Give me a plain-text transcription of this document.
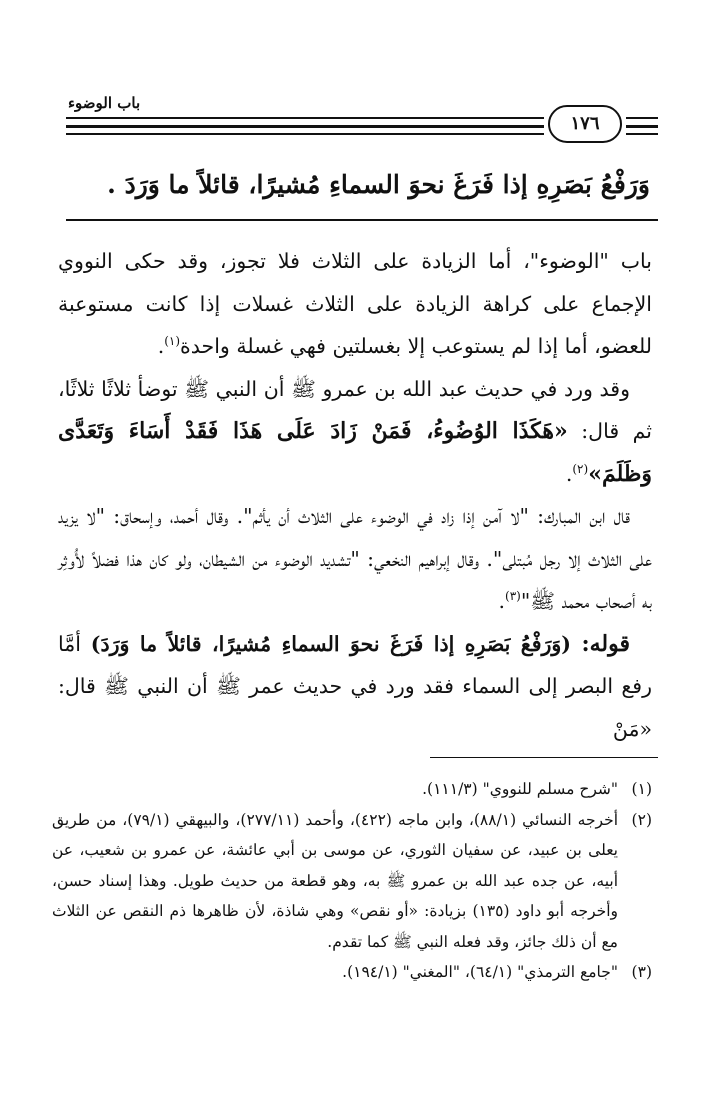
باب الوضوء
١٧٦
وَرَفْعُ بَصَرِهِ إذا فَرَغَ نحوَ السماءِ مُشيرًا، قائلاً ما وَرَدَ .

باب "الوضوء"، أما الزيادة على الثلاث فلا تجوز، وقد حكى النووي الإجماع على كراهة الزيادة على الثلاث غسلات إذا كانت مستوعبة للعضو، أما إذا لم يستوعب إلا بغسلتين فهي غسلة واحدة$^{(١)}$.

وقد ورد في حديث عبد الله بن عمرو ﷺ أن النبي ﷺ توضأ ثلاثًا ثلاثًا، ثم قال: «هَكَذَا الوُضُوءُ، فَمَنْ زَادَ عَلَى هَذَا فَقَدْ أَسَاءَ وَتَعَدَّى وَظَلَمَ»$^{(٢)}$.

قال ابن المبارك: "لا آمن إذا زاد في الوضوء على الثلاث أن يأثم". وقال أحمد، وإسحاق: "لا يزيد على الثلاث إلا رجل مُبتلى". وقال إبراهيم النخعي: "تشديد الوضوء من الشيطان، ولو كان هذا فضلاً لأُوثِر به أصحاب محمد ﷺ"$^{(٣)}$.

قوله: (وَرَفْعُ بَصَرِهِ إذا فَرَغَ نحوَ السماءِ مُشيرًا، قائلاً ما وَرَدَ) أمَّا رفع البصر إلى السماء فقد ورد في حديث عمر ﷺ أن النبي ﷺ قال: «مَنْ

(١)
"شرح مسلم للنووي" (١١١/٣).
(٢)
أخرجه النسائي (٨٨/١)، وابن ماجه (٤٢٢)، وأحمد (٢٧٧/١١)، والبيهقي (٧٩/١)، من طريق يعلى بن عبيد، عن سفيان الثوري، عن موسى بن أبي عائشة، عن عمرو بن شعيب، عن أبيه، عن جده عبد الله بن عمرو ﷺ به، وهو قطعة من حديث طويل. وهذا إسناد حسن، وأخرجه أبو داود (١٣٥) بزيادة: «أو نقص» وهي شاذة، لأن ظاهرها ذم النقص عن الثلاث مع أن ذلك جائز، وقد فعله النبي ﷺ كما تقدم.
(٣)
"جامع الترمذي" (٦٤/١)، "المغني" (١٩٤/١).
